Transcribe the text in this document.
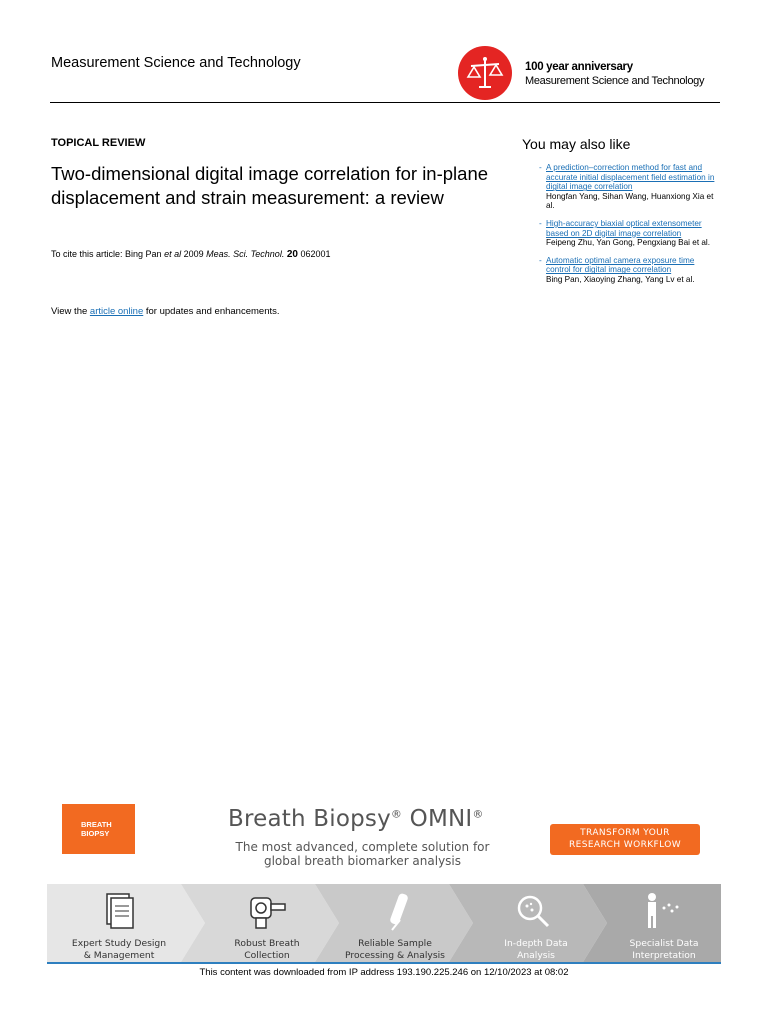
Measurement Science and Technology	100 year anniversary
Measurement Science and Technology
TOPICAL REVIEW
Two-dimensional digital image correlation for in-plane displacement and strain measurement: a review
To cite this article: Bing Pan et al 2009 Meas. Sci. Technol. 20 062001
View the article online for updates and enhancements.
You may also like
- A prediction–correction method for fast and accurate initial displacement field estimation in digital image correlation
Hongfan Yang, Sihan Wang, Huanxiong Xia et al.
- High-accuracy biaxial optical extensometer based on 2D digital image correlation
Feipeng Zhu, Yan Gong, Pengxiang Bai et al.
- Automatic optimal camera exposure time control for digital image correlation
Bing Pan, Xiaoying Zhang, Yang Lv et al.
BREATH
BIOPSY
Breath Biopsy® OMNI®
The most advanced, complete solution for global breath biomarker analysis
TRANSFORM YOUR
RESEARCH WORKFLOW
Expert Study Design
& Management
Robust Breath
Collection
Reliable Sample
Processing & Analysis
In-depth Data
Analysis
Specialist Data
Interpretation
This content was downloaded from IP address 193.190.225.246 on 12/10/2023 at 08:02
